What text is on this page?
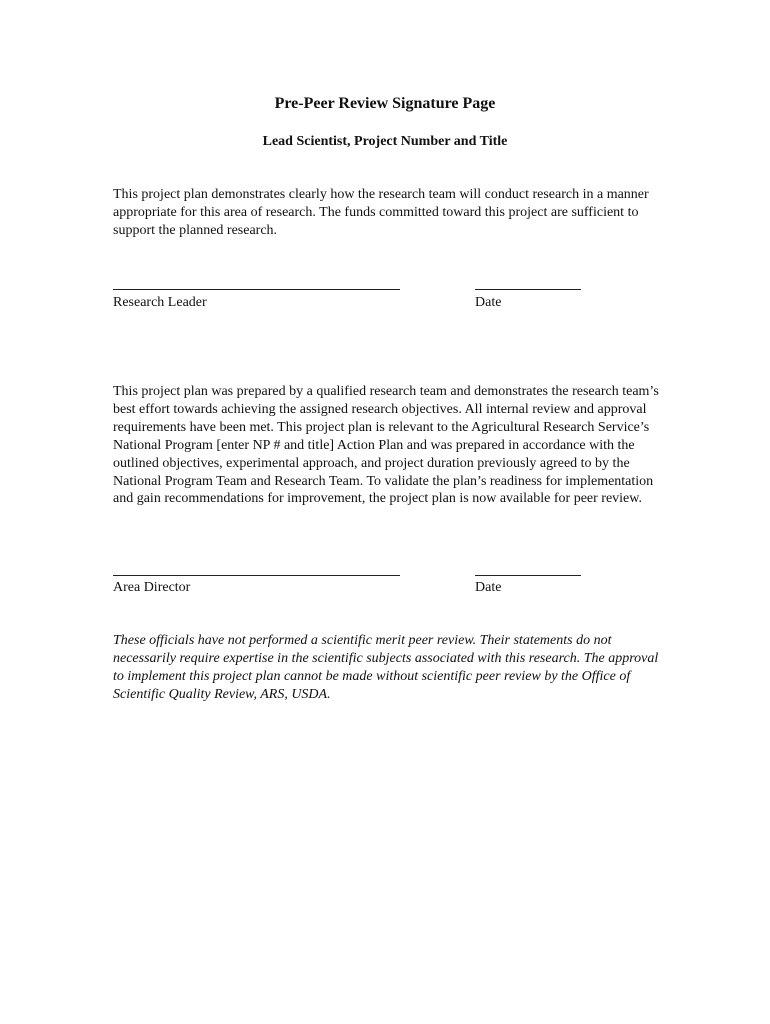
Pre-Peer Review Signature Page
Lead Scientist, Project Number and Title

This project plan demonstrates clearly how the research team will conduct research in a manner appropriate for this area of research. The funds committed toward this project are sufficient to support the planned research.

Research Leader	Date

This project plan was prepared by a qualified research team and demonstrates the research team’s best effort towards achieving the assigned research objectives. All internal review and approval requirements have been met. This project plan is relevant to the Agricultural Research Service’s National Program [enter NP # and title] Action Plan and was prepared in accordance with the outlined objectives, experimental approach, and project duration previously agreed to by the National Program Team and Research Team. To validate the plan’s readiness for implementation and gain recommendations for improvement, the project plan is now available for peer review.

Area Director	Date

These officials have not performed a scientific merit peer review. Their statements do not necessarily require expertise in the scientific subjects associated with this research. The approval to implement this project plan cannot be made without scientific peer review by the Office of Scientific Quality Review, ARS, USDA.
